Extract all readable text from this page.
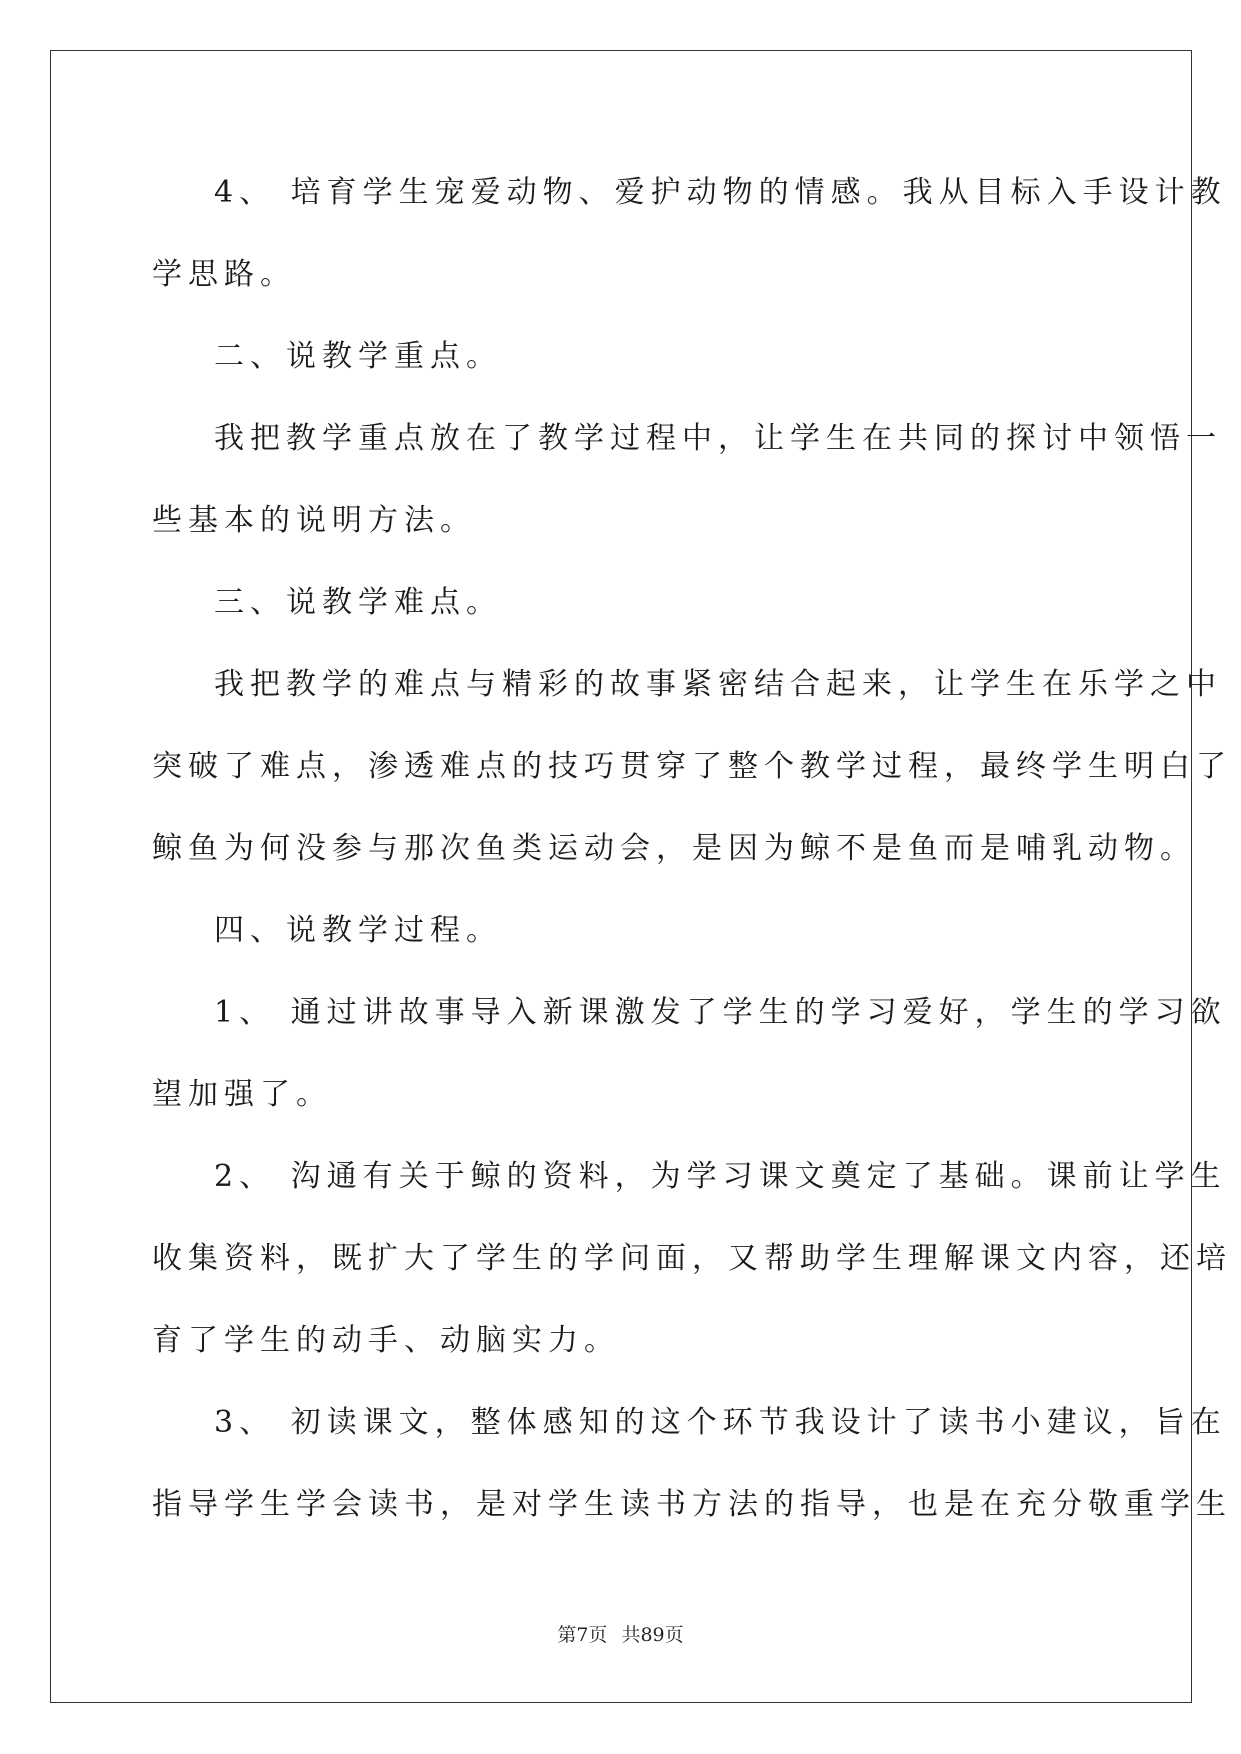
4、 培育学生宠爱动物、爱护动物的情感。我从目标入手设计教
学思路。
二、说教学重点。
我把教学重点放在了教学过程中，让学生在共同的探讨中领悟一
些基本的说明方法。
三、说教学难点。
我把教学的难点与精彩的故事紧密结合起来，让学生在乐学之中
突破了难点，渗透难点的技巧贯穿了整个教学过程，最终学生明白了
鲸鱼为何没参与那次鱼类运动会，是因为鲸不是鱼而是哺乳动物。
四、说教学过程。
1、 通过讲故事导入新课激发了学生的学习爱好，学生的学习欲
望加强了。
2、 沟通有关于鲸的资料，为学习课文奠定了基础。课前让学生
收集资料，既扩大了学生的学问面，又帮助学生理解课文内容，还培
育了学生的动手、动脑实力。
3、 初读课文，整体感知的这个环节我设计了读书小建议，旨在
指导学生学会读书，是对学生读书方法的指导，也是在充分敬重学生
第7页 共89页
